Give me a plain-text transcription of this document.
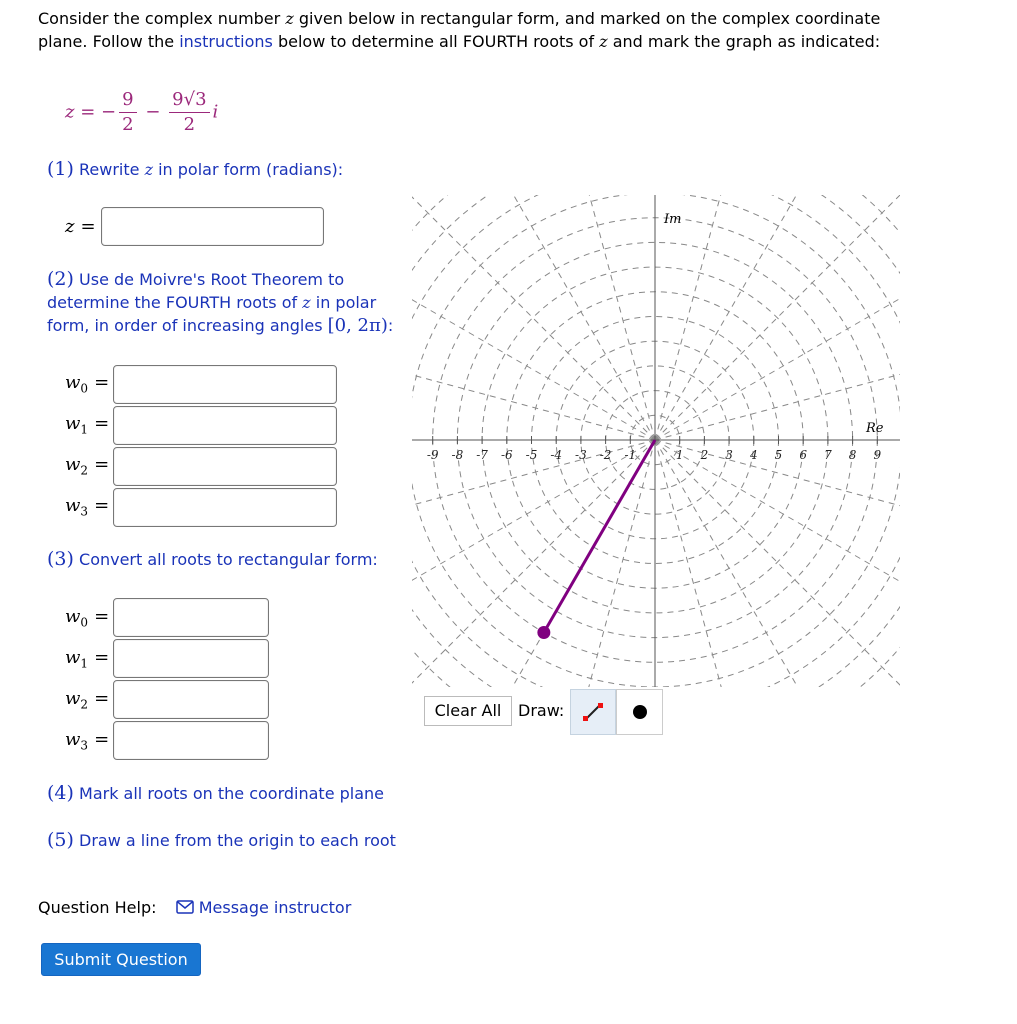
Consider the complex number z given below in rectangular form, and marked on the complex coordinate plane. Follow the instructions below to determine all FOURTH roots of z and mark the graph as indicated:
z = − $\frac{9}{2} - \frac{9√3}{2}$ i
(1) Rewrite z in polar form (radians):
z =
(2) Use de Moivre's Root Theorem to
determine the FOURTH roots of z in polar
form, in order of increasing angles [0, 2π):
$w_0$ =
$w_1$ =
$w_2$ =
$w_3$ =
(3) Convert all roots to rectangular form:
$w_0$ =
$w_1$ =
$w_2$ =
$w_3$ =
(4) Mark all roots on the coordinate plane
(5) Draw a line from the origin to each root
Question Help:	Message instructor
Submit Question
-9 -8 -7 -6 -5 -4 -3 -2 -1	1 2 3 4 5 6 7 8 9
Re
Im
Clear All	Draw:
